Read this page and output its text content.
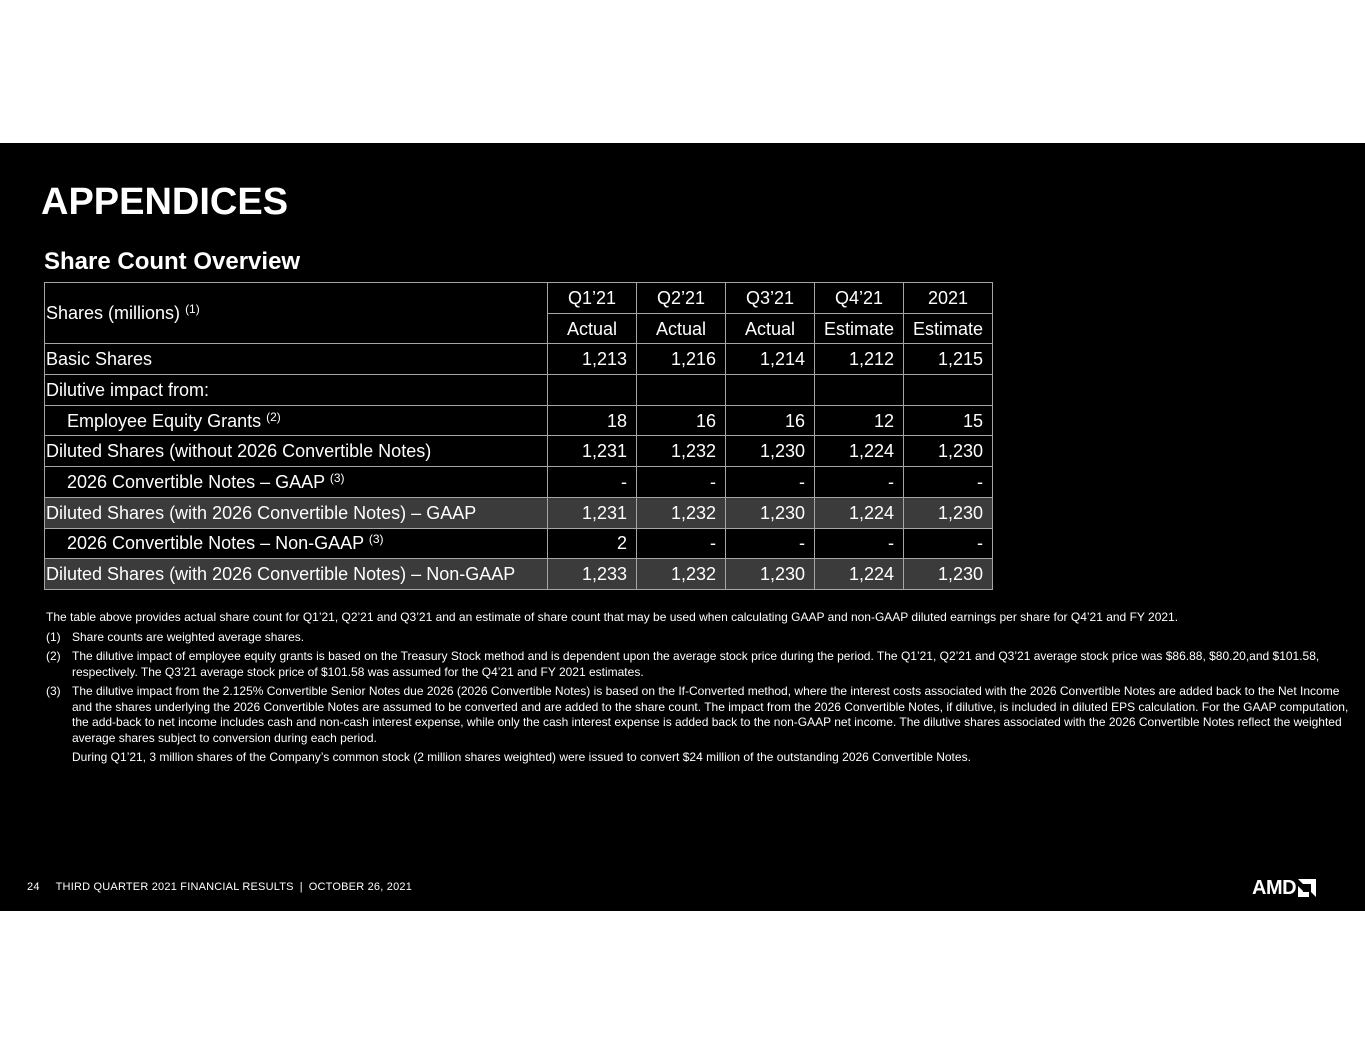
APPENDICES
Share Count Overview
Shares (millions) $^{(1)}$	Q1’21	Q2’21	Q3’21	Q4’21	2021
	Actual	Actual	Actual	Estimate	Estimate
Basic Shares	1,213	1,216	1,214	1,212	1,215
Dilutive impact from:					
Employee Equity Grants $^{(2)}$	18	16	16	12	15
Diluted Shares (without 2026 Convertible Notes)	1,231	1,232	1,230	1,224	1,230
2026 Convertible Notes – GAAP $^{(3)}$	-	-	-	-	-
Diluted Shares (with 2026 Convertible Notes) – GAAP	1,231	1,232	1,230	1,224	1,230
2026 Convertible Notes – Non-GAAP $^{(3)}$	2	-	-	-	-
Diluted Shares (with 2026 Convertible Notes) – Non-GAAP	1,233	1,232	1,230	1,224	1,230

The table above provides actual share count for Q1’21, Q2’21 and Q3’21 and an estimate of share count that may be used when calculating GAAP and non-GAAP diluted earnings per share for Q4’21 and FY 2021.

(1) Share counts are weighted average shares.
(2) The dilutive impact of employee equity grants is based on the Treasury Stock method and is dependent upon the average stock price during the period. The Q1’21, Q2’21 and Q3’21 average stock price was $86.88, $80.20,and $101.58, respectively. The Q3’21 average stock price of $101.58 was assumed for the Q4’21 and FY 2021 estimates.
(3) The dilutive impact from the 2.125% Convertible Senior Notes due 2026 (2026 Convertible Notes) is based on the If-Converted method, where the interest costs associated with the 2026 Convertible Notes are added back to the Net Income and the shares underlying the 2026 Convertible Notes are assumed to be converted and are added to the share count. The impact from the 2026 Convertible Notes, if dilutive, is included in diluted EPS calculation. For the GAAP computation, the add-back to net income includes cash and non-cash interest expense, while only the cash interest expense is added back to the non-GAAP net income. The dilutive shares associated with the 2026 Convertible Notes reflect the weighted average shares subject to conversion during each period.

During Q1’21, 3 million shares of the Company’s common stock (2 million shares weighted) were issued to convert $24 million of the outstanding 2026 Convertible Notes.

24 THIRD QUARTER 2021 FINANCIAL RESULTS | OCTOBER 26, 2021	AMD
